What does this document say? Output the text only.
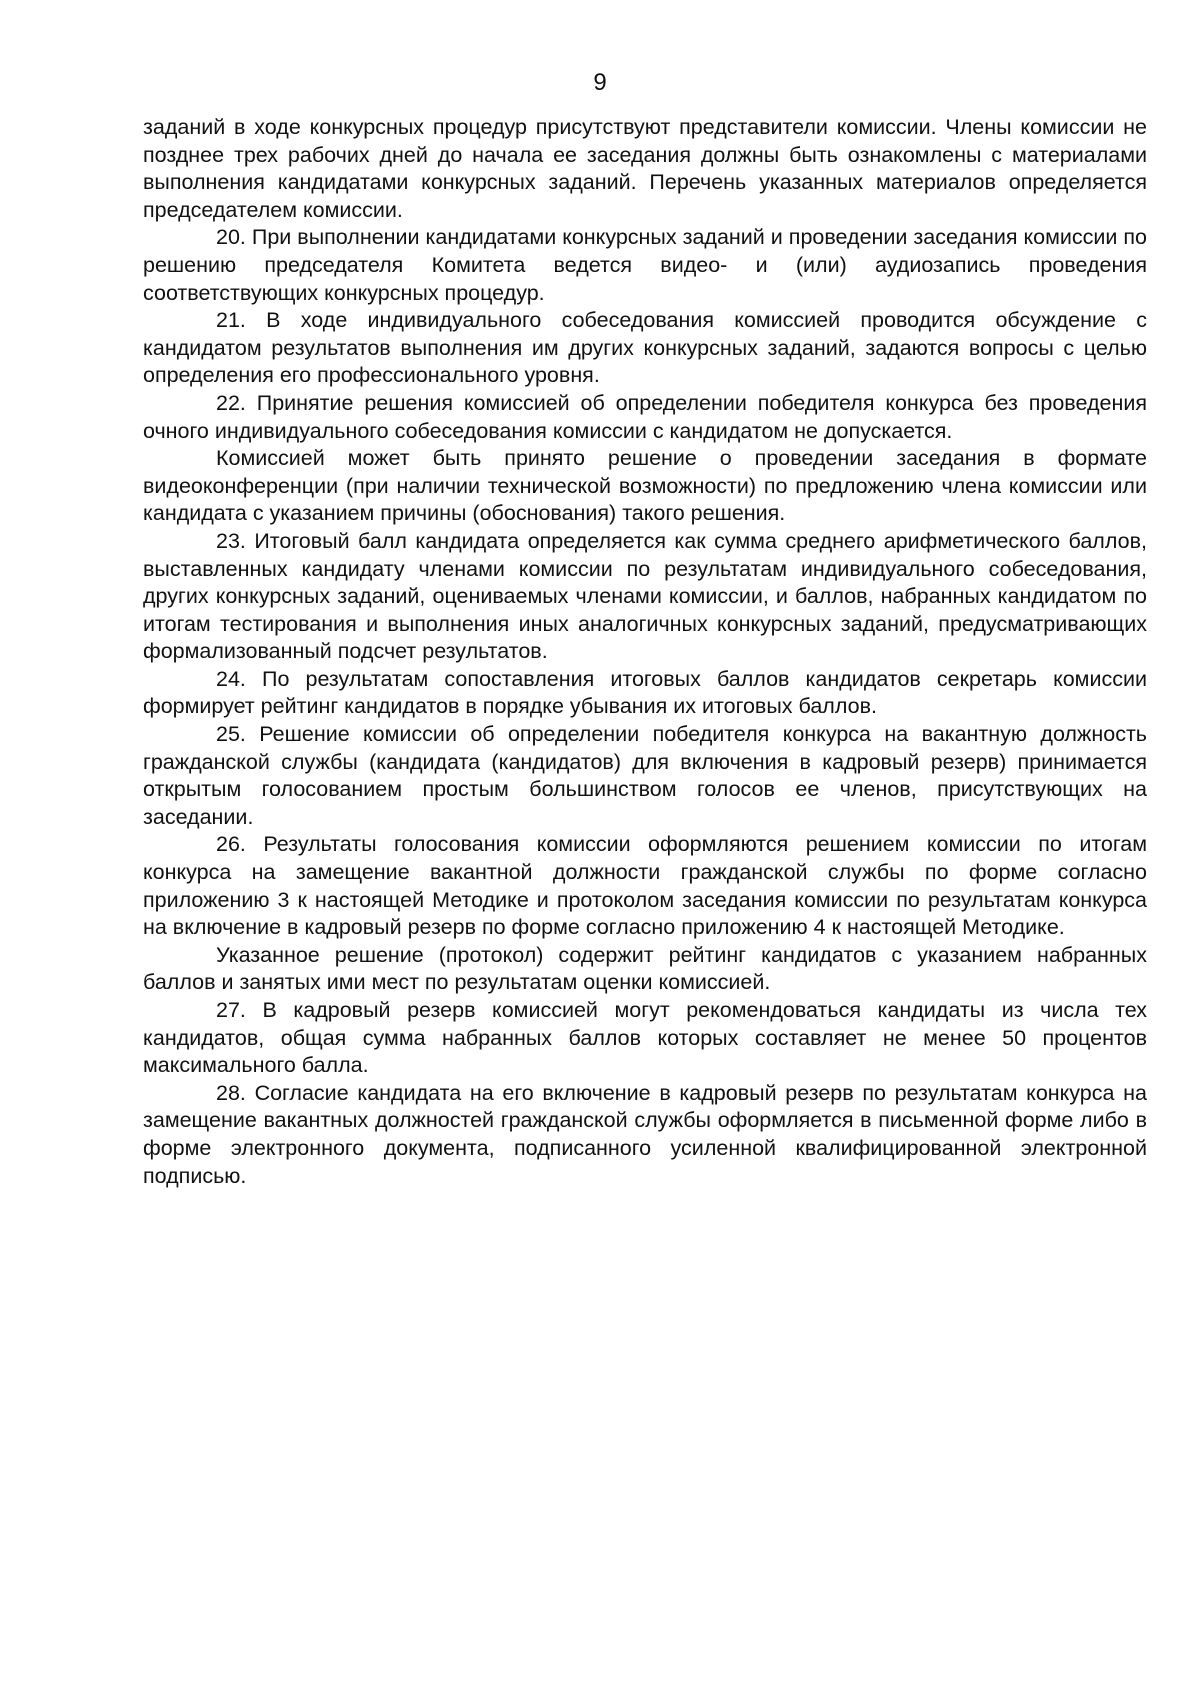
9

заданий в ходе конкурсных процедур присутствуют представители комиссии. Члены комиссии не позднее трех рабочих дней до начала ее заседания должны быть ознакомлены с материалами выполнения кандидатами конкурсных заданий. Перечень указанных материалов определяется председателем комиссии.

20. При выполнении кандидатами конкурсных заданий и проведении заседания комиссии по решению председателя Комитета ведется видео- и (или) аудиозапись проведения соответствующих конкурсных процедур.

21. В ходе индивидуального собеседования комиссией проводится обсуждение с кандидатом результатов выполнения им других конкурсных заданий, задаются вопросы с целью определения его профессионального уровня.

22. Принятие решения комиссией об определении победителя конкурса без проведения очного индивидуального собеседования комиссии с кандидатом не допускается.

Комиссией может быть принято решение о проведении заседания в формате видеоконференции (при наличии технической возможности) по предложению члена комиссии или кандидата с указанием причины (обоснования) такого решения.

23. Итоговый балл кандидата определяется как сумма среднего арифметического баллов, выставленных кандидату членами комиссии по результатам индивидуального собеседования, других конкурсных заданий, оцениваемых членами комиссии, и баллов, набранных кандидатом по итогам тестирования и выполнения иных аналогичных конкурсных заданий, предусматривающих формализованный подсчет результатов.

24. По результатам сопоставления итоговых баллов кандидатов секретарь комиссии формирует рейтинг кандидатов в порядке убывания их итоговых баллов.

25. Решение комиссии об определении победителя конкурса на вакантную должность гражданской службы (кандидата (кандидатов) для включения в кадровый резерв) принимается открытым голосованием простым большинством голосов ее членов, присутствующих на заседании.

26. Результаты голосования комиссии оформляются решением комиссии по итогам конкурса на замещение вакантной должности гражданской службы по форме согласно приложению 3 к настоящей Методике и протоколом заседания комиссии по результатам конкурса на включение в кадровый резерв по форме согласно приложению 4 к настоящей Методике.

Указанное решение (протокол) содержит рейтинг кандидатов с указанием набранных баллов и занятых ими мест по результатам оценки комиссией.

27. В кадровый резерв комиссией могут рекомендоваться кандидаты из числа тех кандидатов, общая сумма набранных баллов которых составляет не менее 50 процентов максимального балла.

28. Согласие кандидата на его включение в кадровый резерв по результатам конкурса на замещение вакантных должностей гражданской службы оформляется в письменной форме либо в форме электронного документа, подписанного усиленной квалифицированной электронной подписью.
